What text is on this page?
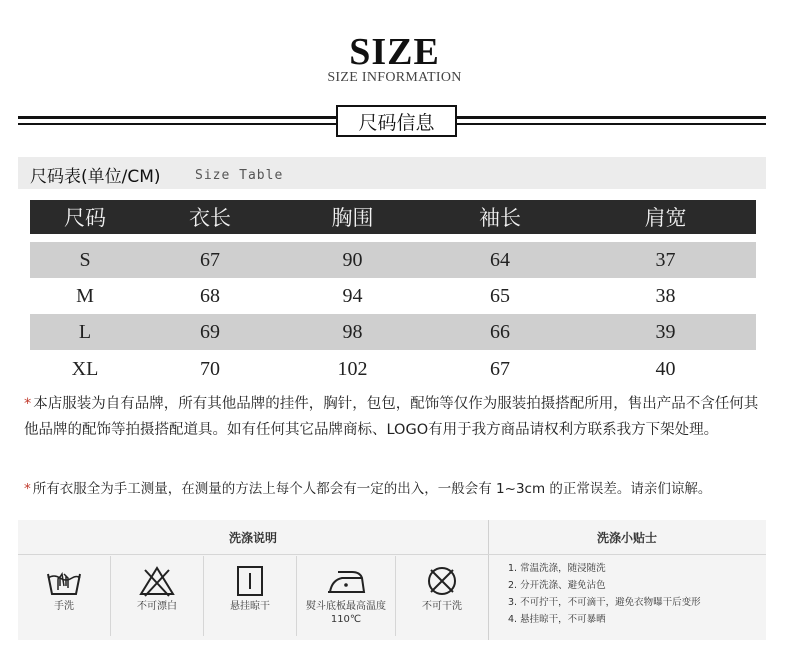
SIZE
SIZE INFORMATION
尺码信息
尺码表(单位/CM)	Size Table
尺码	衣长	胸围	袖长	肩宽
S	67	90	64	37
M	68	94	65	38
L	69	98	66	39
XL	70	102	67	40
* 本店服装为自有品牌，所有其他品牌的挂件，胸针，包包，配饰等仅作为服装拍摄搭配所用，售出产品不含任何其他品牌的配饰等拍摄搭配道具。如有任何其它品牌商标、LOGO有用于我方商品请权利方联系我方下架处理。
* 所有衣服全为手工测量，在测量的方法上每个人都会有一定的出入，一般会有 1~3cm 的正常误差。请亲们谅解。
洗涤说明	洗涤小贴士
手洗	不可漂白	悬挂晾干	熨斗底板最高温度110℃
不可干洗
1. 常温洗涤，随浸随洗
2. 分开洗涤、避免沾色
3. 不可拧干，不可滴干，避免衣物曝干后变形
4. 悬挂晾干，不可暴晒
